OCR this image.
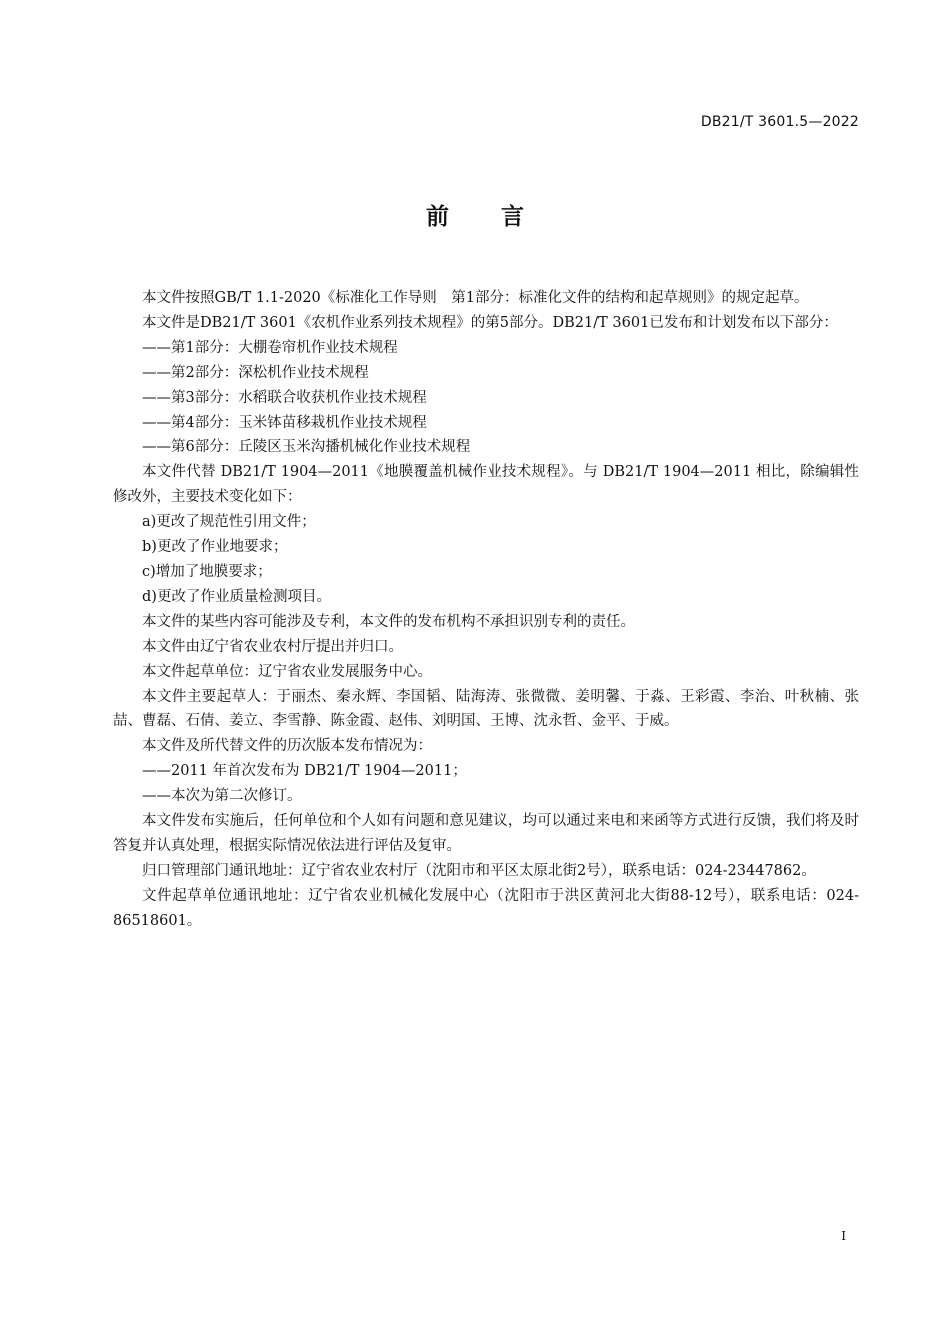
DB21/T 3601.5—2022
前言

本文件按照GB/T 1.1-2020《标准化工作导则　第1部分：标准化文件的结构和起草规则》的规定起草。

本文件是DB21/T 3601《农机作业系列技术规程》的第5部分。DB21/T 3601已发布和计划发布以下部分：

——第1部分：大棚卷帘机作业技术规程

——第2部分：深松机作业技术规程

——第3部分：水稻联合收获机作业技术规程

——第4部分：玉米钵苗移栽机作业技术规程

——第6部分：丘陵区玉米沟播机械化作业技术规程

本文件代替 DB21/T 1904—2011《地膜覆盖机械作业技术规程》。与 DB21/T 1904—2011 相比，除编辑性修改外，主要技术变化如下：

a)更改了规范性引用文件；

b)更改了作业地要求；

c)增加了地膜要求；

d)更改了作业质量检测项目。

本文件的某些内容可能涉及专利，本文件的发布机构不承担识别专利的责任。

本文件由辽宁省农业农村厅提出并归口。

本文件起草单位：辽宁省农业发展服务中心。

本文件主要起草人：于丽杰、秦永辉、李国韬、陆海涛、张微微、姜明馨、于淼、王彩霞、李治、叶秋楠、张喆、曹磊、石倩、姜立、李雪静、陈金霞、赵伟、刘明国、王博、沈永哲、金平、于威。

本文件及所代替文件的历次版本发布情况为：

——2011 年首次发布为 DB21/T 1904—2011；

——本次为第二次修订。

本文件发布实施后，任何单位和个人如有问题和意见建议，均可以通过来电和来函等方式进行反馈，我们将及时答复并认真处理，根据实际情况依法进行评估及复审。

归口管理部门通讯地址：辽宁省农业农村厅（沈阳市和平区太原北街2号），联系电话：024-23447862。

文件起草单位通讯地址：辽宁省农业机械化发展中心（沈阳市于洪区黄河北大街88-12号），联系电话：024-86518601。

I
